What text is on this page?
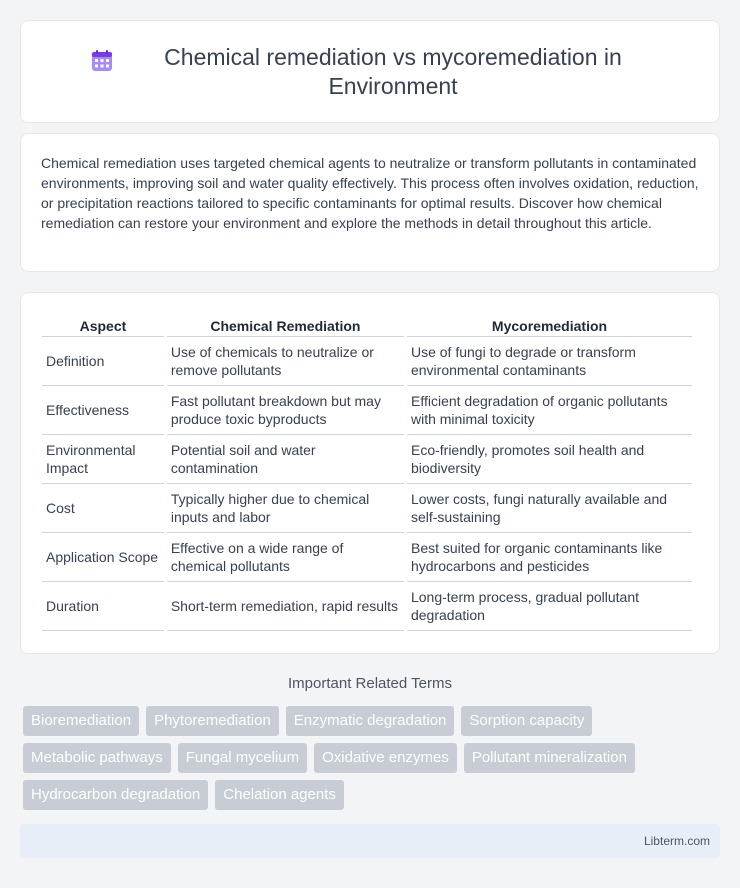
Chemical remediation vs mycoremediation in Environment

Chemical remediation uses targeted chemical agents to neutralize or transform pollutants in contaminated environments, improving soil and water quality effectively. This process often involves oxidation, reduction, or precipitation reactions tailored to specific contaminants for optimal results. Discover how chemical remediation can restore your environment and explore the methods in detail throughout this article.

Aspect	Chemical Remediation	Mycoremediation
Definition	Use of chemicals to neutralize or remove pollutants	Use of fungi to degrade or transform environmental contaminants
Effectiveness	Fast pollutant breakdown but may produce toxic byproducts	Efficient degradation of organic pollutants with minimal toxicity
Environmental Impact	Potential soil and water contamination	Eco-friendly, promotes soil health and biodiversity
Cost	Typically higher due to chemical inputs and labor	Lower costs, fungi naturally available and self-sustaining
Application Scope	Effective on a wide range of chemical pollutants	Best suited for organic contaminants like hydrocarbons and pesticides
Duration	Short-term remediation, rapid results	Long-term process, gradual pollutant degradation
Important Related Terms
Bioremediation	Phytoremediation	Enzymatic degradation	Sorption capacity
Metabolic pathways	Fungal mycelium	Oxidative enzymes	Pollutant mineralization
Hydrocarbon degradation	Chelation agents
Libterm.com
